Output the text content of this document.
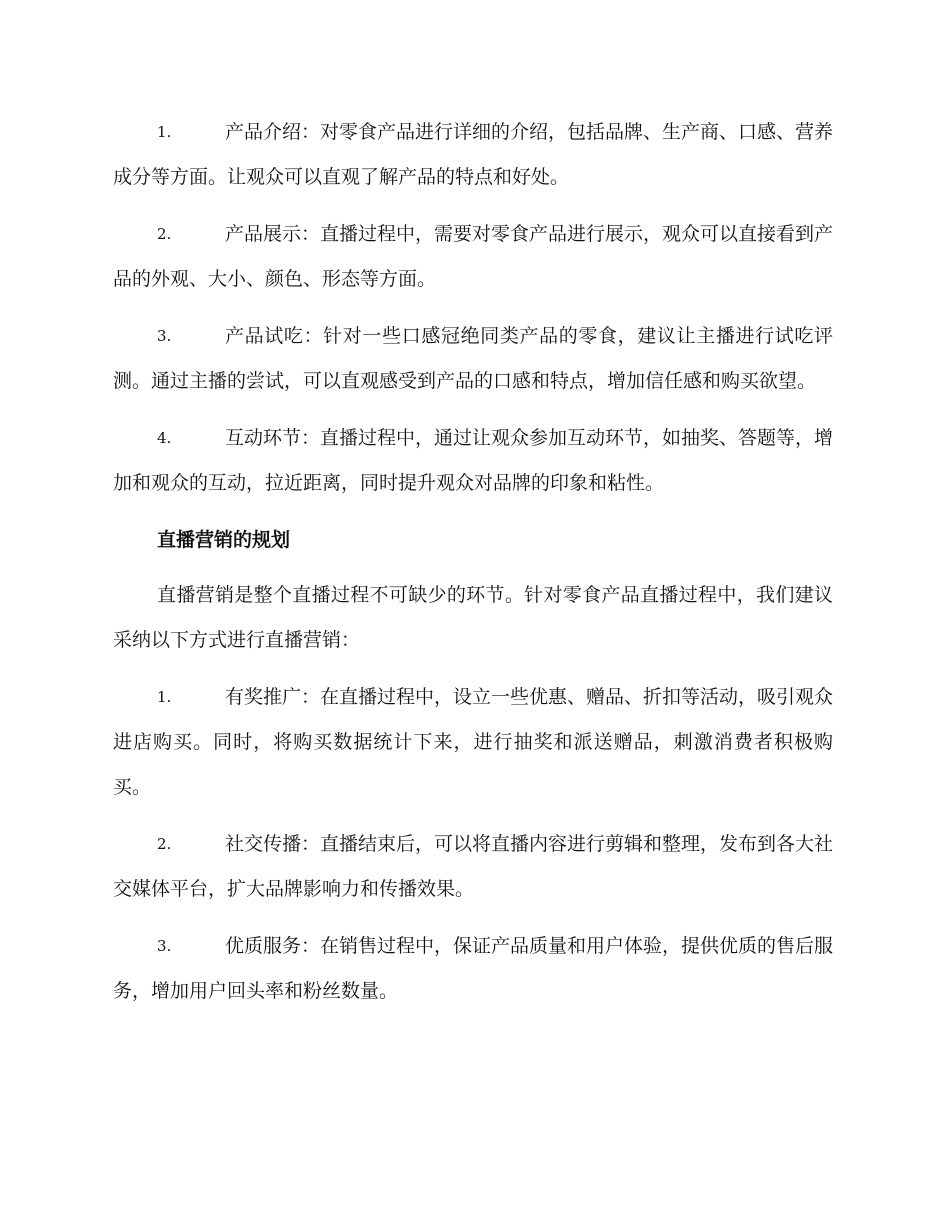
1.	产品介绍：对零食产品进行详细的介绍，包括品牌、生产商、口感、营养成分等方面。让观众可以直观了解产品的特点和好处。

2.	产品展示：直播过程中，需要对零食产品进行展示，观众可以直接看到产品的外观、大小、颜色、形态等方面。

3.	产品试吃：针对一些口感冠绝同类产品的零食，建议让主播进行试吃评测。通过主播的尝试，可以直观感受到产品的口感和特点，增加信任感和购买欲望。

4.	互动环节：直播过程中，通过让观众参加互动环节，如抽奖、答题等，增加和观众的互动，拉近距离，同时提升观众对品牌的印象和粘性。

直播营销的规划

直播营销是整个直播过程不可缺少的环节。针对零食产品直播过程中，我们建议采纳以下方式进行直播营销：

1.	有奖推广：在直播过程中，设立一些优惠、赠品、折扣等活动，吸引观众进店购买。同时，将购买数据统计下来，进行抽奖和派送赠品，刺激消费者积极购买。

2.	社交传播：直播结束后，可以将直播内容进行剪辑和整理，发布到各大社交媒体平台，扩大品牌影响力和传播效果。

3.	优质服务：在销售过程中，保证产品质量和用户体验，提供优质的售后服务，增加用户回头率和粉丝数量。
